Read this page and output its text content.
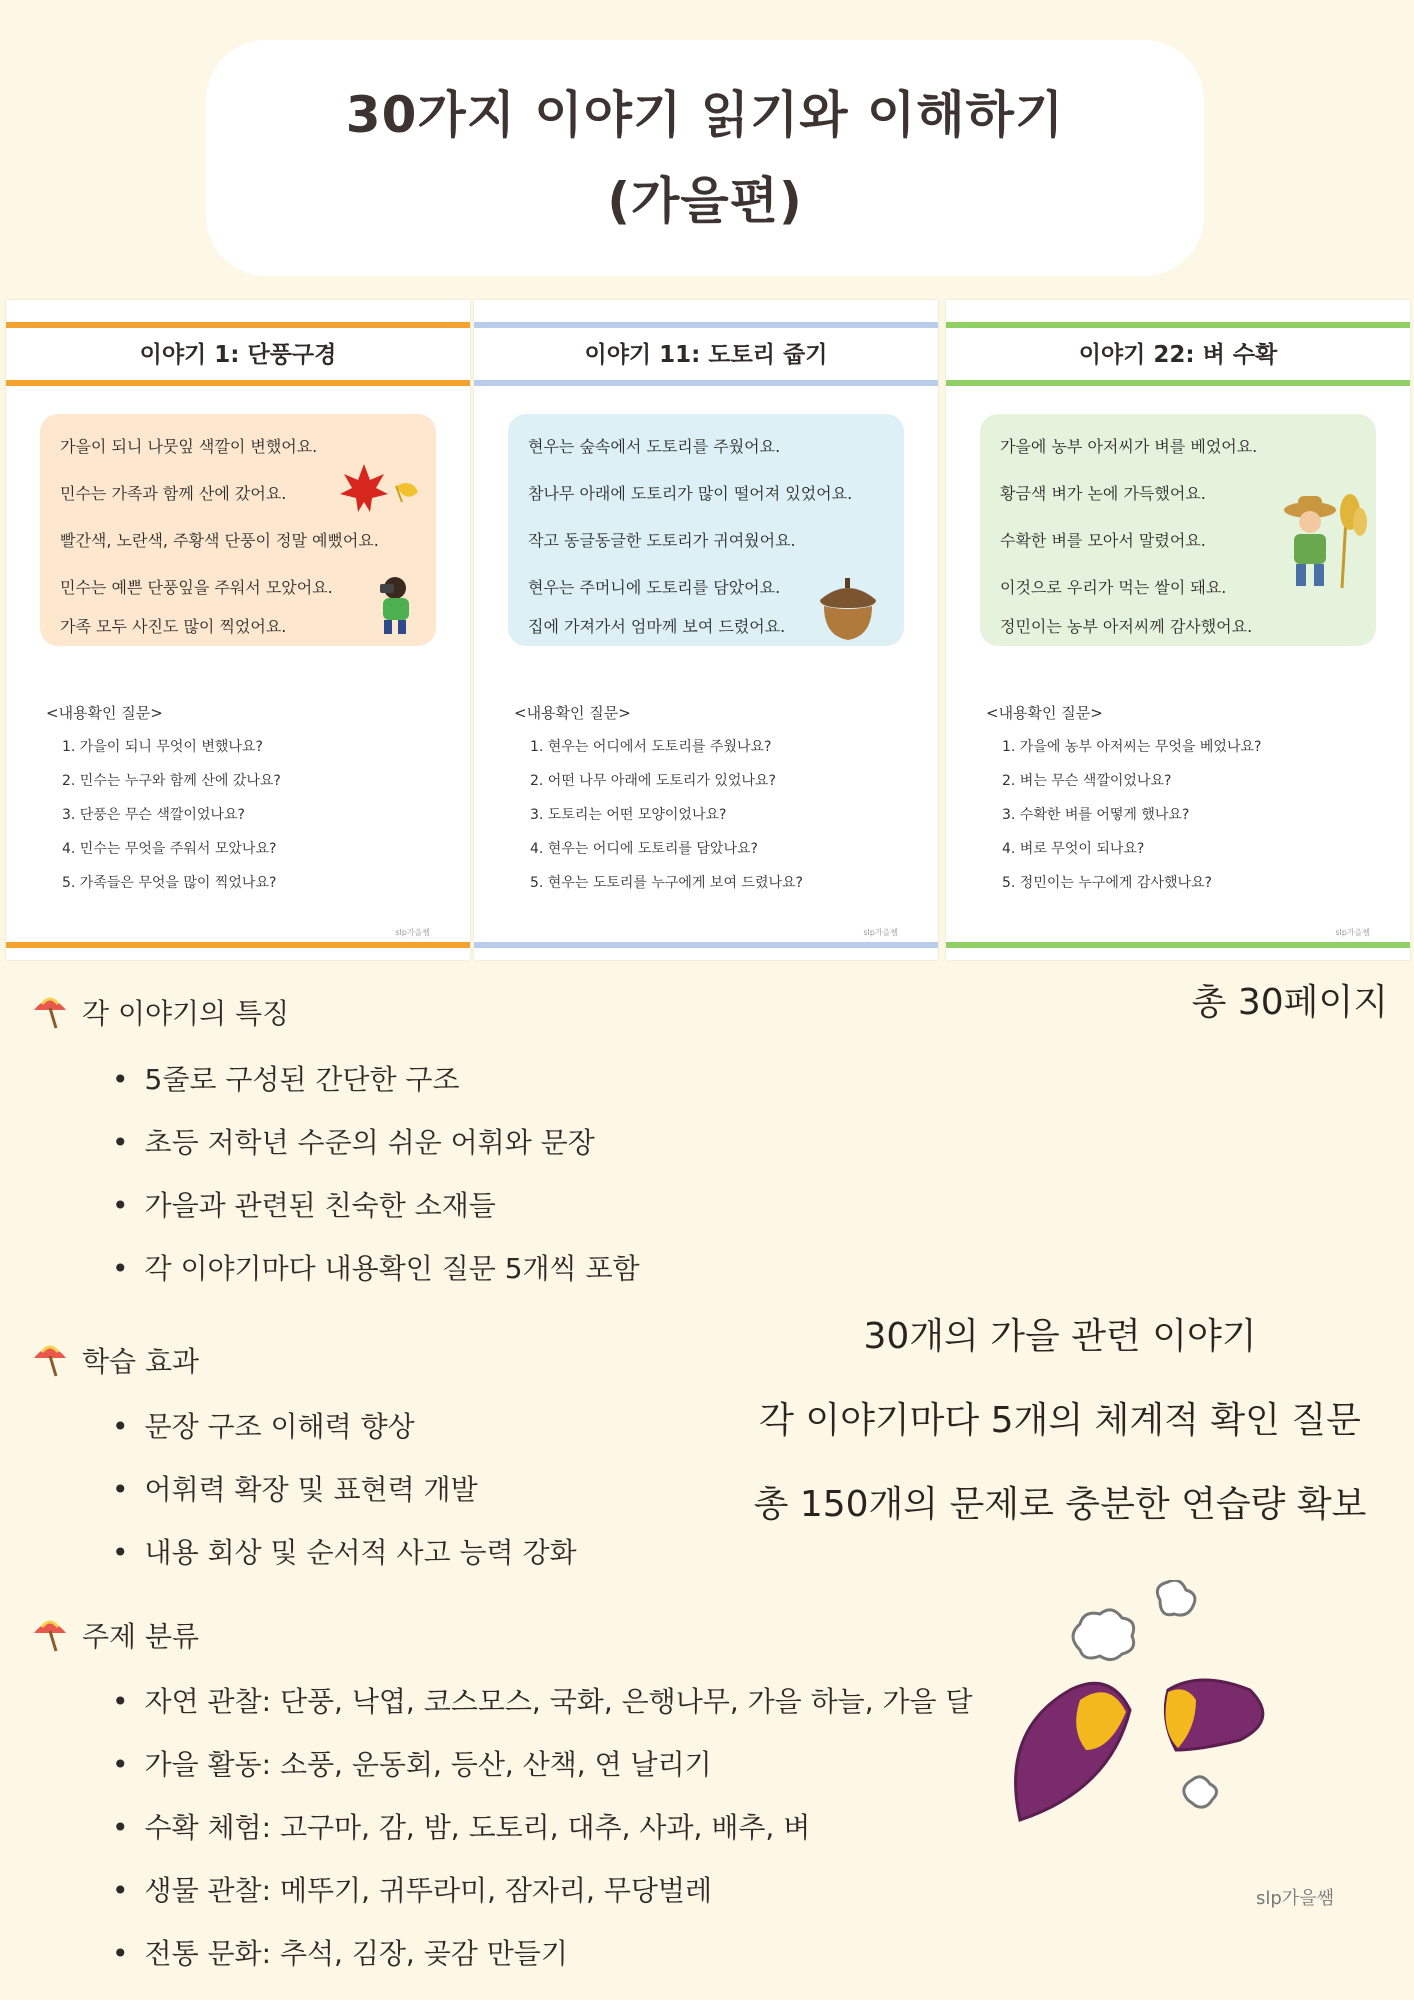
30가지 이야기 읽기와 이해하기
(가을편)
이야기 1: 단풍구경
가을이 되니 나뭇잎 색깔이 변했어요.
민수는 가족과 함께 산에 갔어요.
빨간색, 노란색, 주황색 단풍이 정말 예뻤어요.
민수는 예쁜 단풍잎을 주워서 모았어요.
가족 모두 사진도 많이 찍었어요.
<내용확인 질문>
1. 가을이 되니 무엇이 변했나요?
2. 민수는 누구와 함께 산에 갔나요?
3. 단풍은 무슨 색깔이었나요?
4. 민수는 무엇을 주워서 모았나요?
5. 가족들은 무엇을 많이 찍었나요?
slp가을쌤
이야기 11: 도토리 줍기
현우는 숲속에서 도토리를 주웠어요.
참나무 아래에 도토리가 많이 떨어져 있었어요.
작고 동글동글한 도토리가 귀여웠어요.
현우는 주머니에 도토리를 담았어요.
집에 가져가서 엄마께 보여 드렸어요.
<내용확인 질문>
1. 현우는 어디에서 도토리를 주웠나요?
2. 어떤 나무 아래에 도토리가 있었나요?
3. 도토리는 어떤 모양이었나요?
4. 현우는 어디에 도토리를 담았나요?
5. 현우는 도토리를 누구에게 보여 드렸나요?
slp가을쌤
이야기 22: 벼 수확
가을에 농부 아저씨가 벼를 베었어요.
황금색 벼가 논에 가득했어요.
수확한 벼를 모아서 말렸어요.
이것으로 우리가 먹는 쌀이 돼요.
정민이는 농부 아저씨께 감사했어요.
<내용확인 질문>
1. 가을에 농부 아저씨는 무엇을 베었나요?
2. 벼는 무슨 색깔이었나요?
3. 수확한 벼를 어떻게 했나요?
4. 벼로 무엇이 되나요?
5. 정민이는 누구에게 감사했나요?
slp가을쌤
총 30페이지
각 이야기의 특징
• 5줄로 구성된 간단한 구조
• 초등 저학년 수준의 쉬운 어휘와 문장
• 가을과 관련된 친숙한 소재들
• 각 이야기마다 내용확인 질문 5개씩 포함
학습 효과
• 문장 구조 이해력 향상
• 어휘력 확장 및 표현력 개발
• 내용 회상 및 순서적 사고 능력 강화
주제 분류
• 자연 관찰: 단풍, 낙엽, 코스모스, 국화, 은행나무, 가을 하늘, 가을 달
• 가을 활동: 소풍, 운동회, 등산, 산책, 연 날리기
• 수확 체험: 고구마, 감, 밤, 도토리, 대추, 사과, 배추, 벼
• 생물 관찰: 메뚜기, 귀뚜라미, 잠자리, 무당벌레
• 전통 문화: 추석, 김장, 곶감 만들기
30개의 가을 관련 이야기
각 이야기마다 5개의 체계적 확인 질문
총 150개의 문제로 충분한 연습량 확보
slp가을쌤
